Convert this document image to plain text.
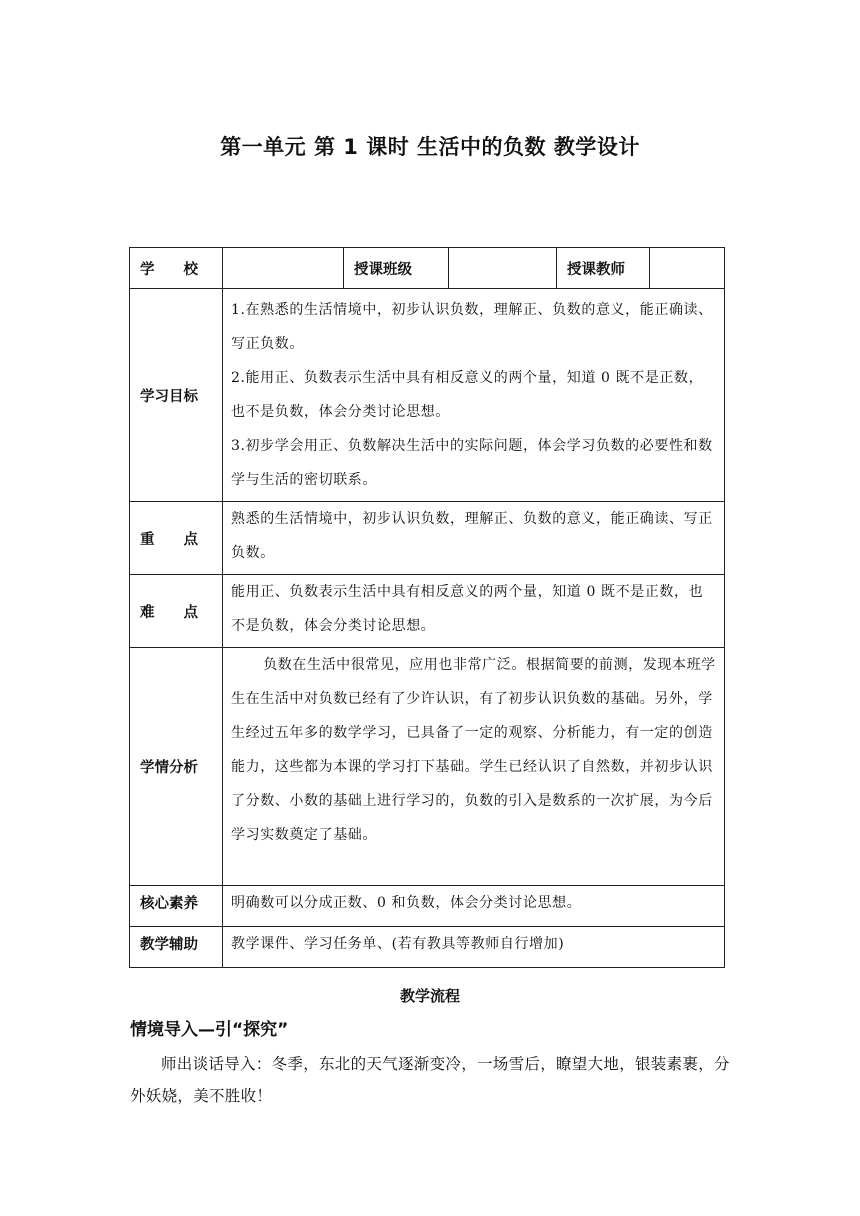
第一单元 第 1 课时 生活中的负数 教学设计
学 校		授课班级		授课教师	
学习目标	1.在熟悉的生活情境中，初步认识负数，理解正、负数的意义，能正确读、写正负数。

2.能用正、负数表示生活中具有相反意义的两个量，知道 0 既不是正数，也不是负数，体会分类讨论思想。

3.初步学会用正、负数解决生活中的实际问题，体会学习负数的必要性和数学与生活的密切联系。				

重 点	熟悉的生活情境中，初步认识负数，理解正、负数的意义，能正确读、写正负数。				

难 点	能用正、负数表示生活中具有相反意义的两个量，知道 0 既不是正数，也不是负数，体会分类讨论思想。				

学情分析	负数在生活中很常见，应用也非常广泛。根据简要的前测，发现本班学生在生活中对负数已经有了少许认识，有了初步认识负数的基础。另外，学生经过五年多的数学学习，已具备了一定的观察、分析能力，有一定的创造能力，这些都为本课的学习打下基础。学生已经认识了自然数，并初步认识了分数、小数的基础上进行学习的，负数的引入是数系的一次扩展，为今后学习实数奠定了基础。				

核心素养	明确数可以分成正数、0 和负数，体会分类讨论思想。				

教学辅助	教学课件、学习任务单、(若有教具等教师自行增加)				

教学流程
情境导入—引“探究”
师出谈话导入：冬季，东北的天气逐渐变冷，一场雪后，瞭望大地，银装素裹，分外妖娆，美不胜收！
